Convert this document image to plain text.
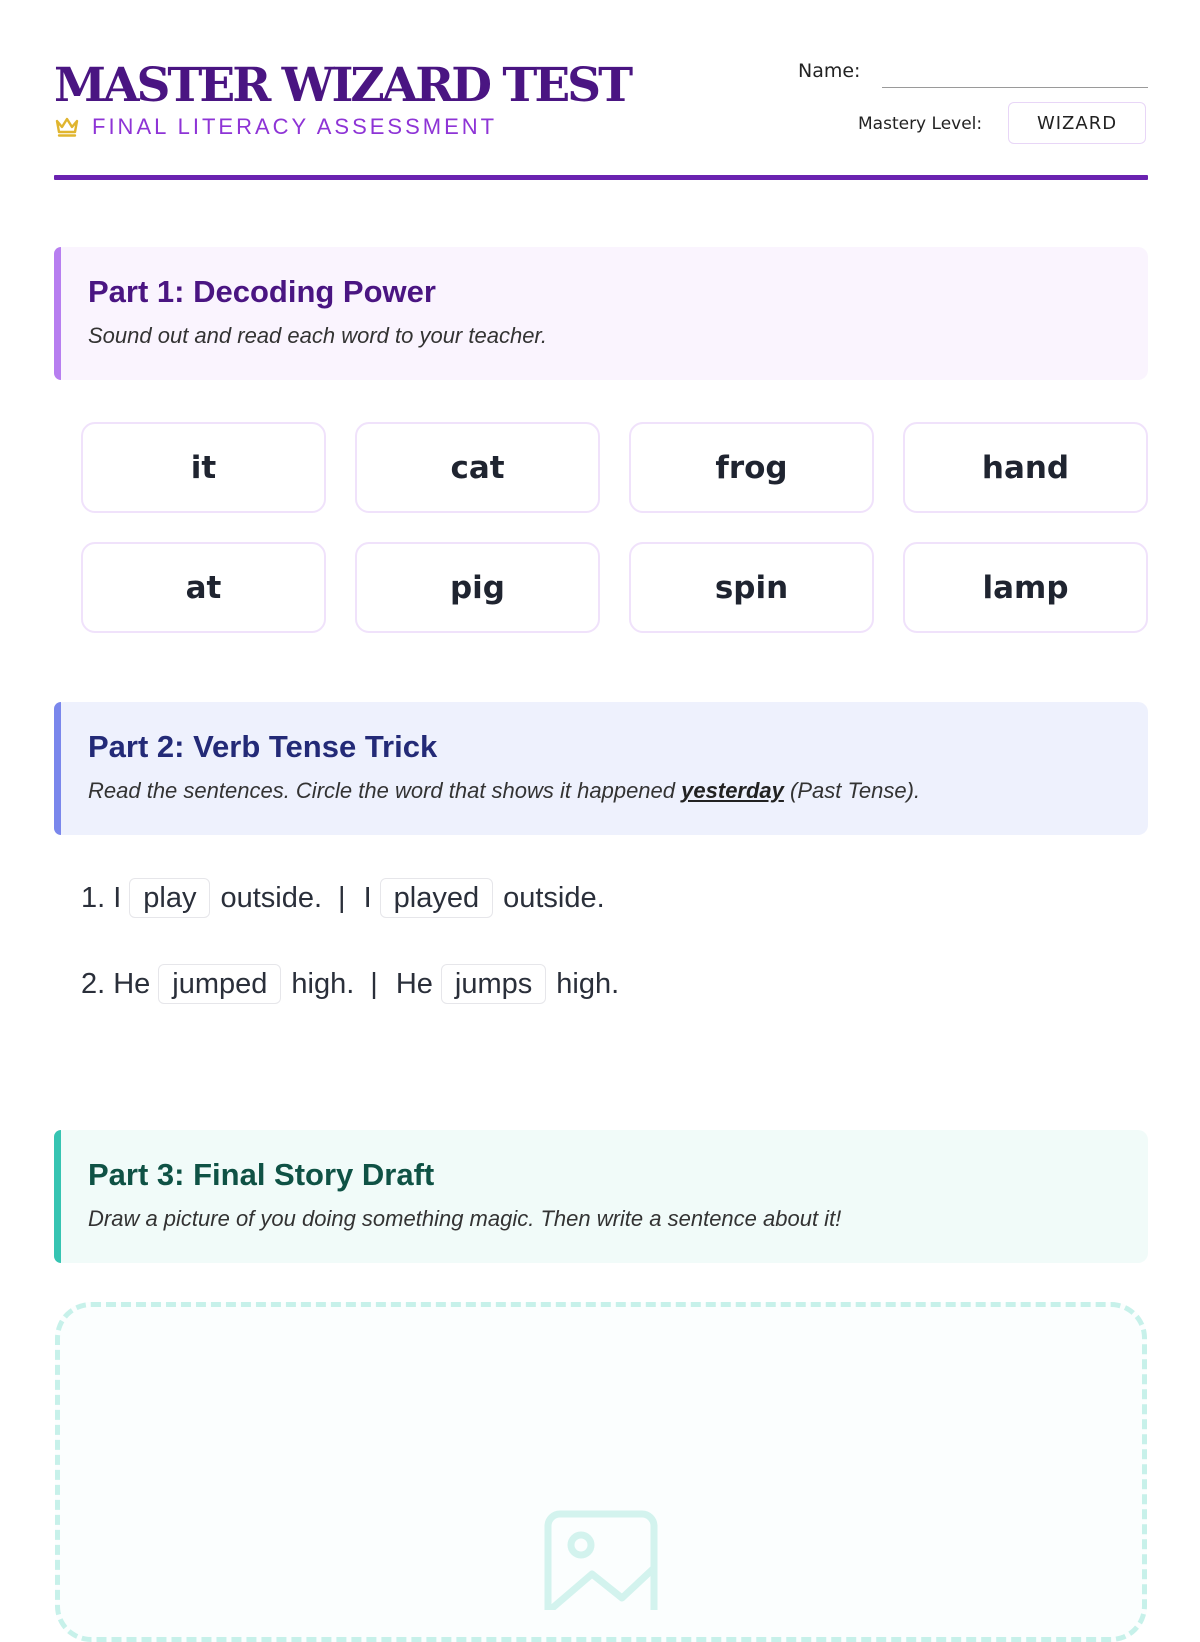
MASTER WIZARD TEST
FINAL LITERACY ASSESSMENT
Name:
Mastery Level:	WIZARD
Part 1: Decoding Power
Sound out and read each word to your teacher.
it	cat	frog	hand
at	pig	spin	lamp
Part 2: Verb Tense Trick
Read the sentences. Circle the word that shows it happened yesterday (Past Tense).
1. I play outside. | I played outside.
2. He jumped high. | He jumps high.
Part 3: Final Story Draft
Draw a picture of you doing something magic. Then write a sentence about it!
